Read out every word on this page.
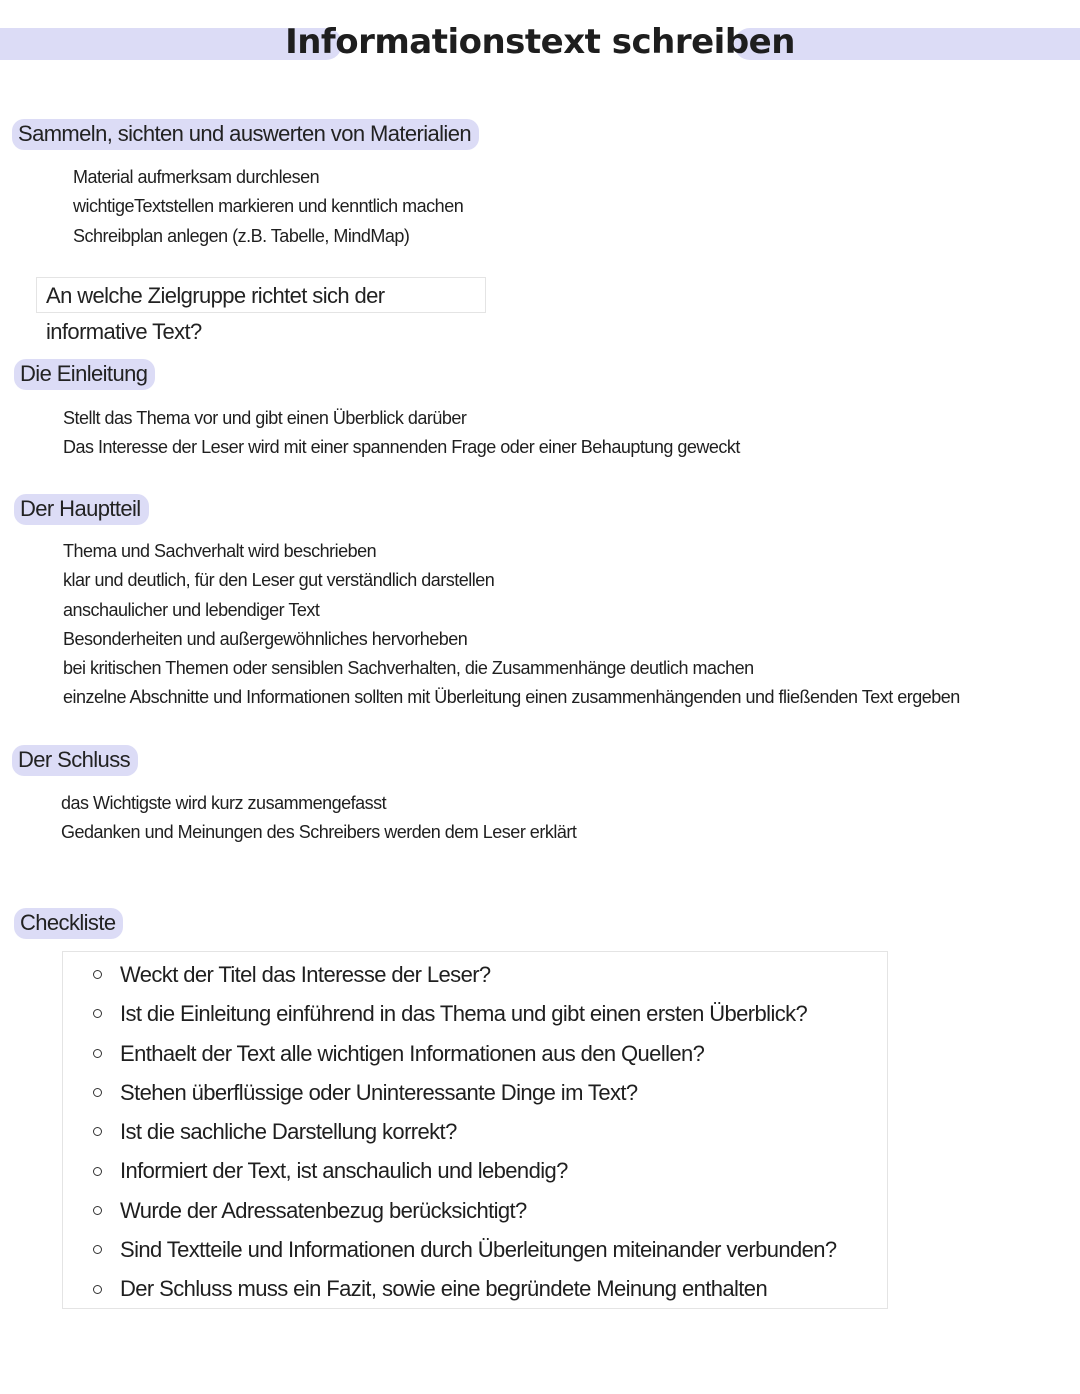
Informationstext schreiben
Sammeln, sichten und auswerten von Materialien
Material aufmerksam durchlesen
wichtigeTextstellen markieren und kenntlich machen
Schreibplan anlegen (z.B. Tabelle, MindMap)
An welche Zielgruppe richtet sich der informative Text?
Die Einleitung
Stellt das Thema vor und gibt einen Überblick darüber
Das Interesse der Leser wird mit einer spannenden Frage oder einer Behauptung geweckt
Der Hauptteil
Thema und Sachverhalt wird beschrieben
klar und deutlich, für den Leser gut verständlich darstellen
anschaulicher und lebendiger Text
Besonderheiten und außergewöhnliches hervorheben
bei kritischen Themen oder sensiblen Sachverhalten, die Zusammenhänge deutlich machen
einzelne Abschnitte und Informationen sollten mit Überleitung einen zusammenhängenden und fließenden Text ergeben
Der Schluss
das Wichtigste wird kurz zusammengefasst
Gedanken und Meinungen des Schreibers werden dem Leser erklärt
Checkliste
Weckt der Titel das Interesse der Leser?
Ist die Einleitung einführend in das Thema und gibt einen ersten Überblick?
Enthaelt der Text alle wichtigen Informationen aus den Quellen?
Stehen überflüssige oder Uninteressante Dinge im Text?
Ist die sachliche Darstellung korrekt?
Informiert der Text, ist anschaulich und lebendig?
Wurde der Adressatenbezug berücksichtigt?
Sind Textteile und Informationen durch Überleitungen miteinander verbunden?
Der Schluss muss ein Fazit, sowie eine begründete Meinung enthalten
